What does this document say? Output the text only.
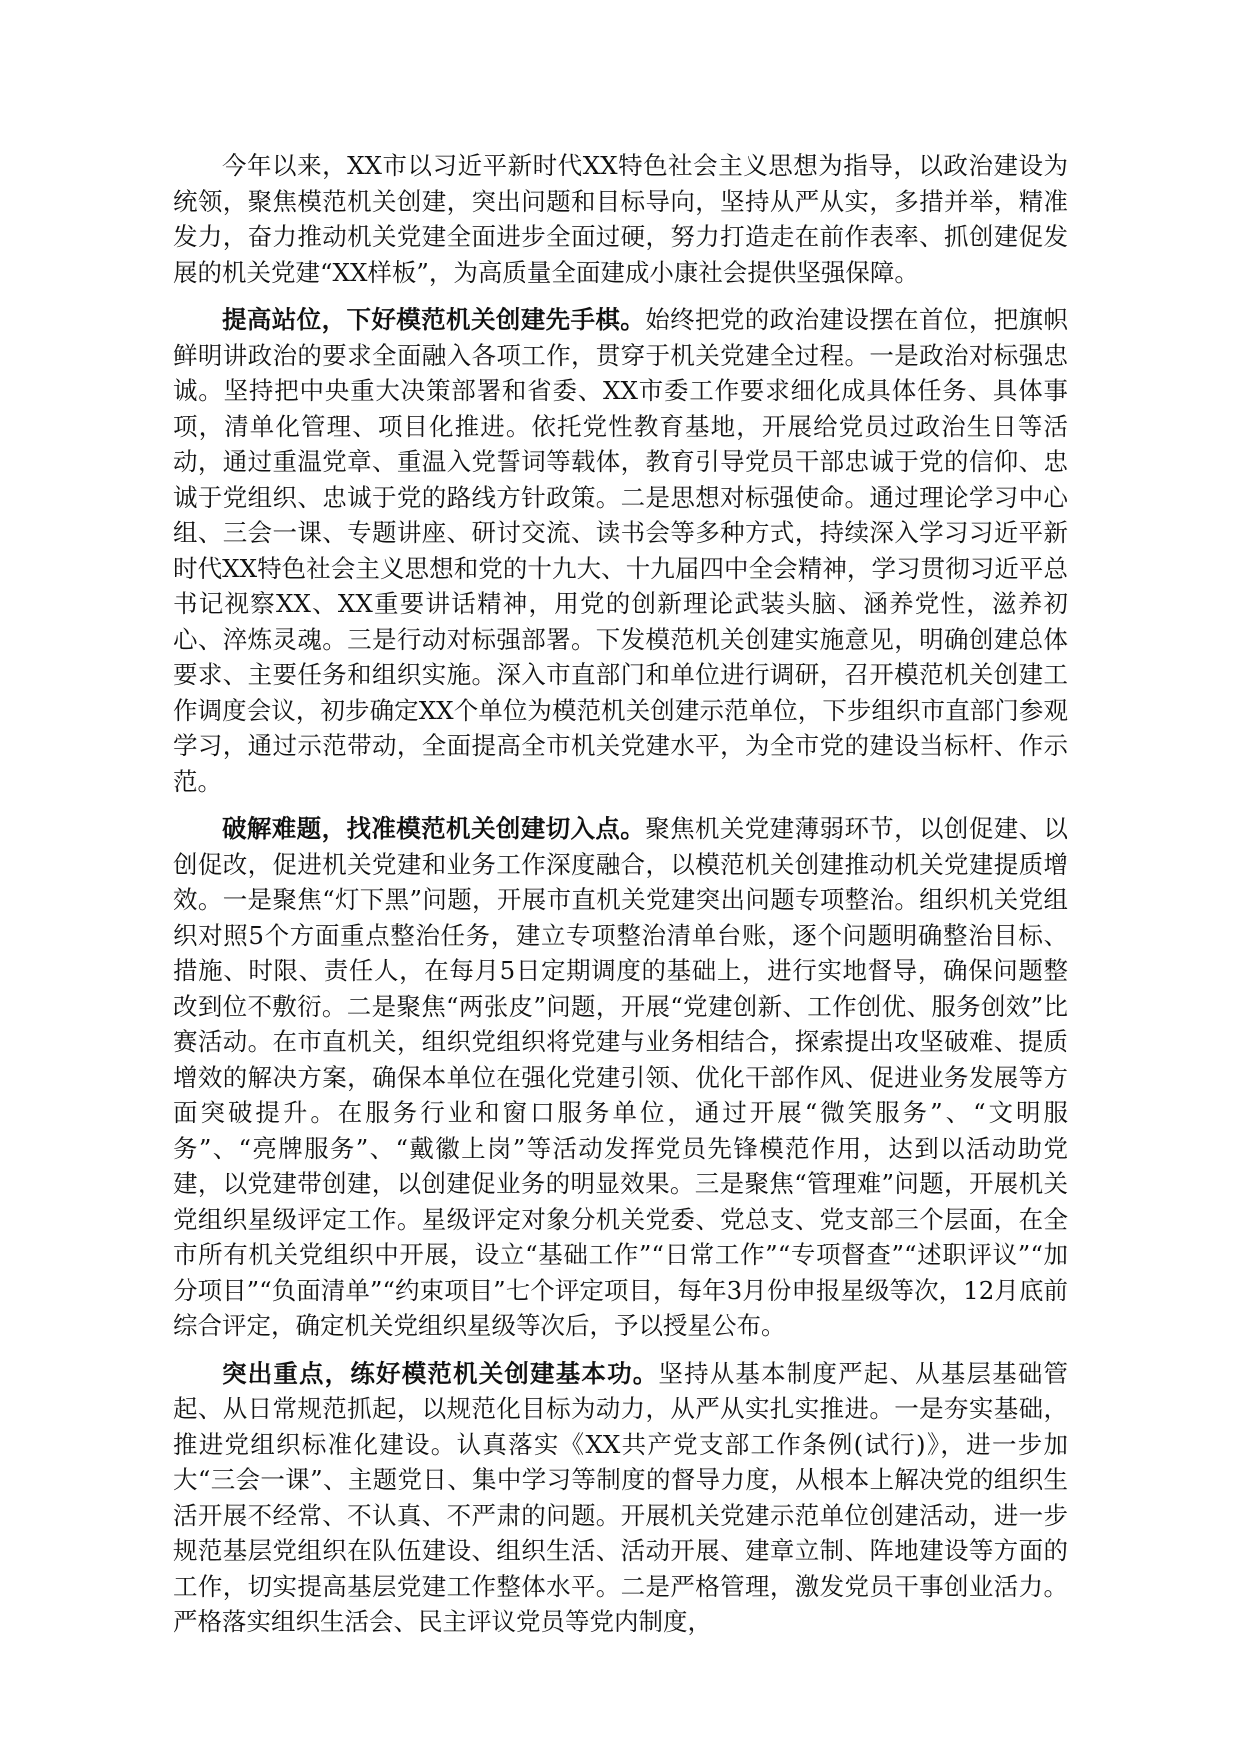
今年以来，XX市以习近平新时代XX特色社会主义思想为指导，以政治建设为统领，聚焦模范机关创建，突出问题和目标导向，坚持从严从实，多措并举，精准发力，奋力推动机关党建全面进步全面过硬，努力打造走在前作表率、抓创建促发展的机关党建“XX样板”，为高质量全面建成小康社会提供坚强保障。

提高站位，下好模范机关创建先手棋。始终把党的政治建设摆在首位，把旗帜鲜明讲政治的要求全面融入各项工作，贯穿于机关党建全过程。一是政治对标强忠诚。坚持把中央重大决策部署和省委、XX市委工作要求细化成具体任务、具体事项，清单化管理、项目化推进。依托党性教育基地，开展给党员过政治生日等活动，通过重温党章、重温入党誓词等载体，教育引导党员干部忠诚于党的信仰、忠诚于党组织、忠诚于党的路线方针政策。二是思想对标强使命。通过理论学习中心组、三会一课、专题讲座、研讨交流、读书会等多种方式，持续深入学习习近平新时代XX特色社会主义思想和党的十九大、十九届四中全会精神，学习贯彻习近平总书记视察XX、XX重要讲话精神，用党的创新理论武装头脑、涵养党性，滋养初心、淬炼灵魂。三是行动对标强部署。下发模范机关创建实施意见，明确创建总体要求、主要任务和组织实施。深入市直部门和单位进行调研，召开模范机关创建工作调度会议，初步确定XX个单位为模范机关创建示范单位，下步组织市直部门参观学习，通过示范带动，全面提高全市机关党建水平，为全市党的建设当标杆、作示范。

破解难题，找准模范机关创建切入点。聚焦机关党建薄弱环节，以创促建、以创促改，促进机关党建和业务工作深度融合，以模范机关创建推动机关党建提质增效。一是聚焦“灯下黑”问题，开展市直机关党建突出问题专项整治。组织机关党组织对照5个方面重点整治任务，建立专项整治清单台账，逐个问题明确整治目标、措施、时限、责任人，在每月5日定期调度的基础上，进行实地督导，确保问题整改到位不敷衍。二是聚焦“两张皮”问题，开展“党建创新、工作创优、服务创效”比赛活动。在市直机关，组织党组织将党建与业务相结合，探索提出攻坚破难、提质增效的解决方案，确保本单位在强化党建引领、优化干部作风、促进业务发展等方面突破提升。在服务行业和窗口服务单位，通过开展“微笑服务”、“文明服务”、“亮牌服务”、“戴徽上岗”等活动发挥党员先锋模范作用，达到以活动助党建，以党建带创建，以创建促业务的明显效果。三是聚焦“管理难”问题，开展机关党组织星级评定工作。星级评定对象分机关党委、党总支、党支部三个层面，在全市所有机关党组织中开展，设立“基础工作”“日常工作”“专项督查”“述职评议”“加分项目”“负面清单”“约束项目”七个评定项目，每年3月份申报星级等次，12月底前综合评定，确定机关党组织星级等次后，予以授星公布。

突出重点，练好模范机关创建基本功。坚持从基本制度严起、从基层基础管起、从日常规范抓起，以规范化目标为动力，从严从实扎实推进。一是夯实基础，推进党组织标准化建设。认真落实《XX共产党支部工作条例(试行)》，进一步加大“三会一课”、主题党日、集中学习等制度的督导力度，从根本上解决党的组织生活开展不经常、不认真、不严肃的问题。开展机关党建示范单位创建活动，进一步规范基层党组织在队伍建设、组织生活、活动开展、建章立制、阵地建设等方面的工作，切实提高基层党建工作整体水平。二是严格管理，激发党员干事创业活力。严格落实组织生活会、民主评议党员等党内制度，
